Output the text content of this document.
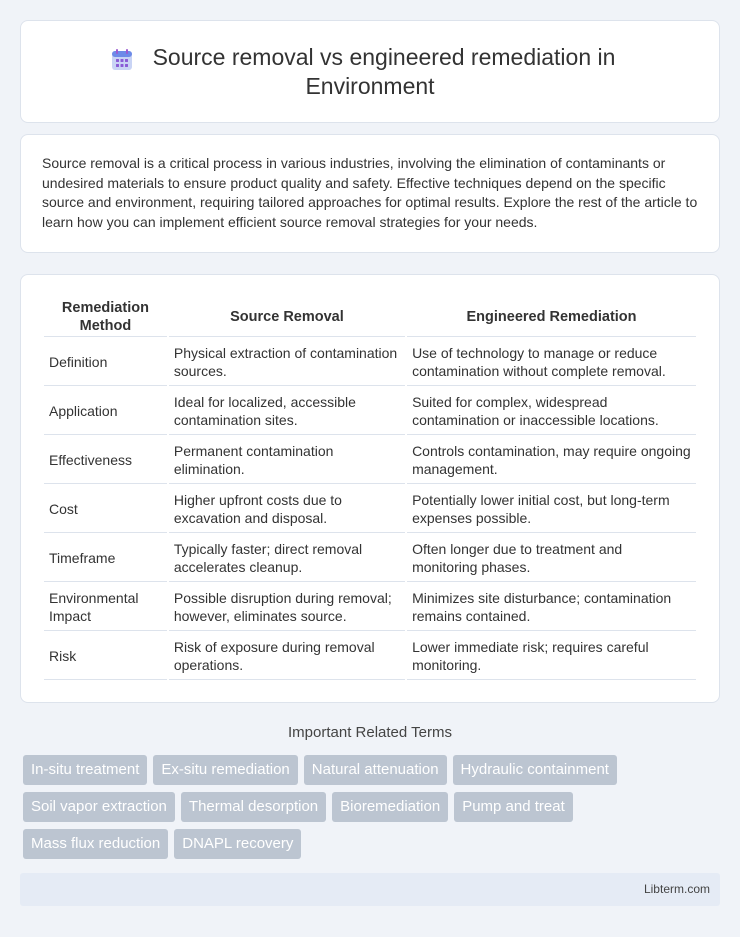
Source removal vs engineered remediation in
Environment

Source removal is a critical process in various industries, involving the elimination of contaminants or undesired materials to ensure product quality and safety. Effective techniques depend on the specific source and environment, requiring tailored approaches for optimal results. Explore the rest of the article to learn how you can implement efficient source removal strategies for your needs.

Remediation Method	Source Removal	Engineered Remediation
Definition	Physical extraction of contamination sources.	Use of technology to manage or reduce contamination without complete removal.
Application	Ideal for localized, accessible contamination sites.	Suited for complex, widespread contamination or inaccessible locations.
Effectiveness	Permanent contamination elimination.	Controls contamination, may require ongoing management.
Cost	Higher upfront costs due to excavation and disposal.	Potentially lower initial cost, but long-term expenses possible.
Timeframe	Typically faster; direct removal accelerates cleanup.	Often longer due to treatment and monitoring phases.
Environmental Impact	Possible disruption during removal; however, eliminates source.	Minimizes site disturbance; contamination remains contained.
Risk	Risk of exposure during removal operations.	Lower immediate risk; requires careful monitoring.
Important Related Terms
In-situ treatment	Ex-situ remediation	Natural attenuation	Hydraulic containment
Soil vapor extraction	Thermal desorption	Bioremediation	Pump and treat
Mass flux reduction	DNAPL recovery
Libterm.com
